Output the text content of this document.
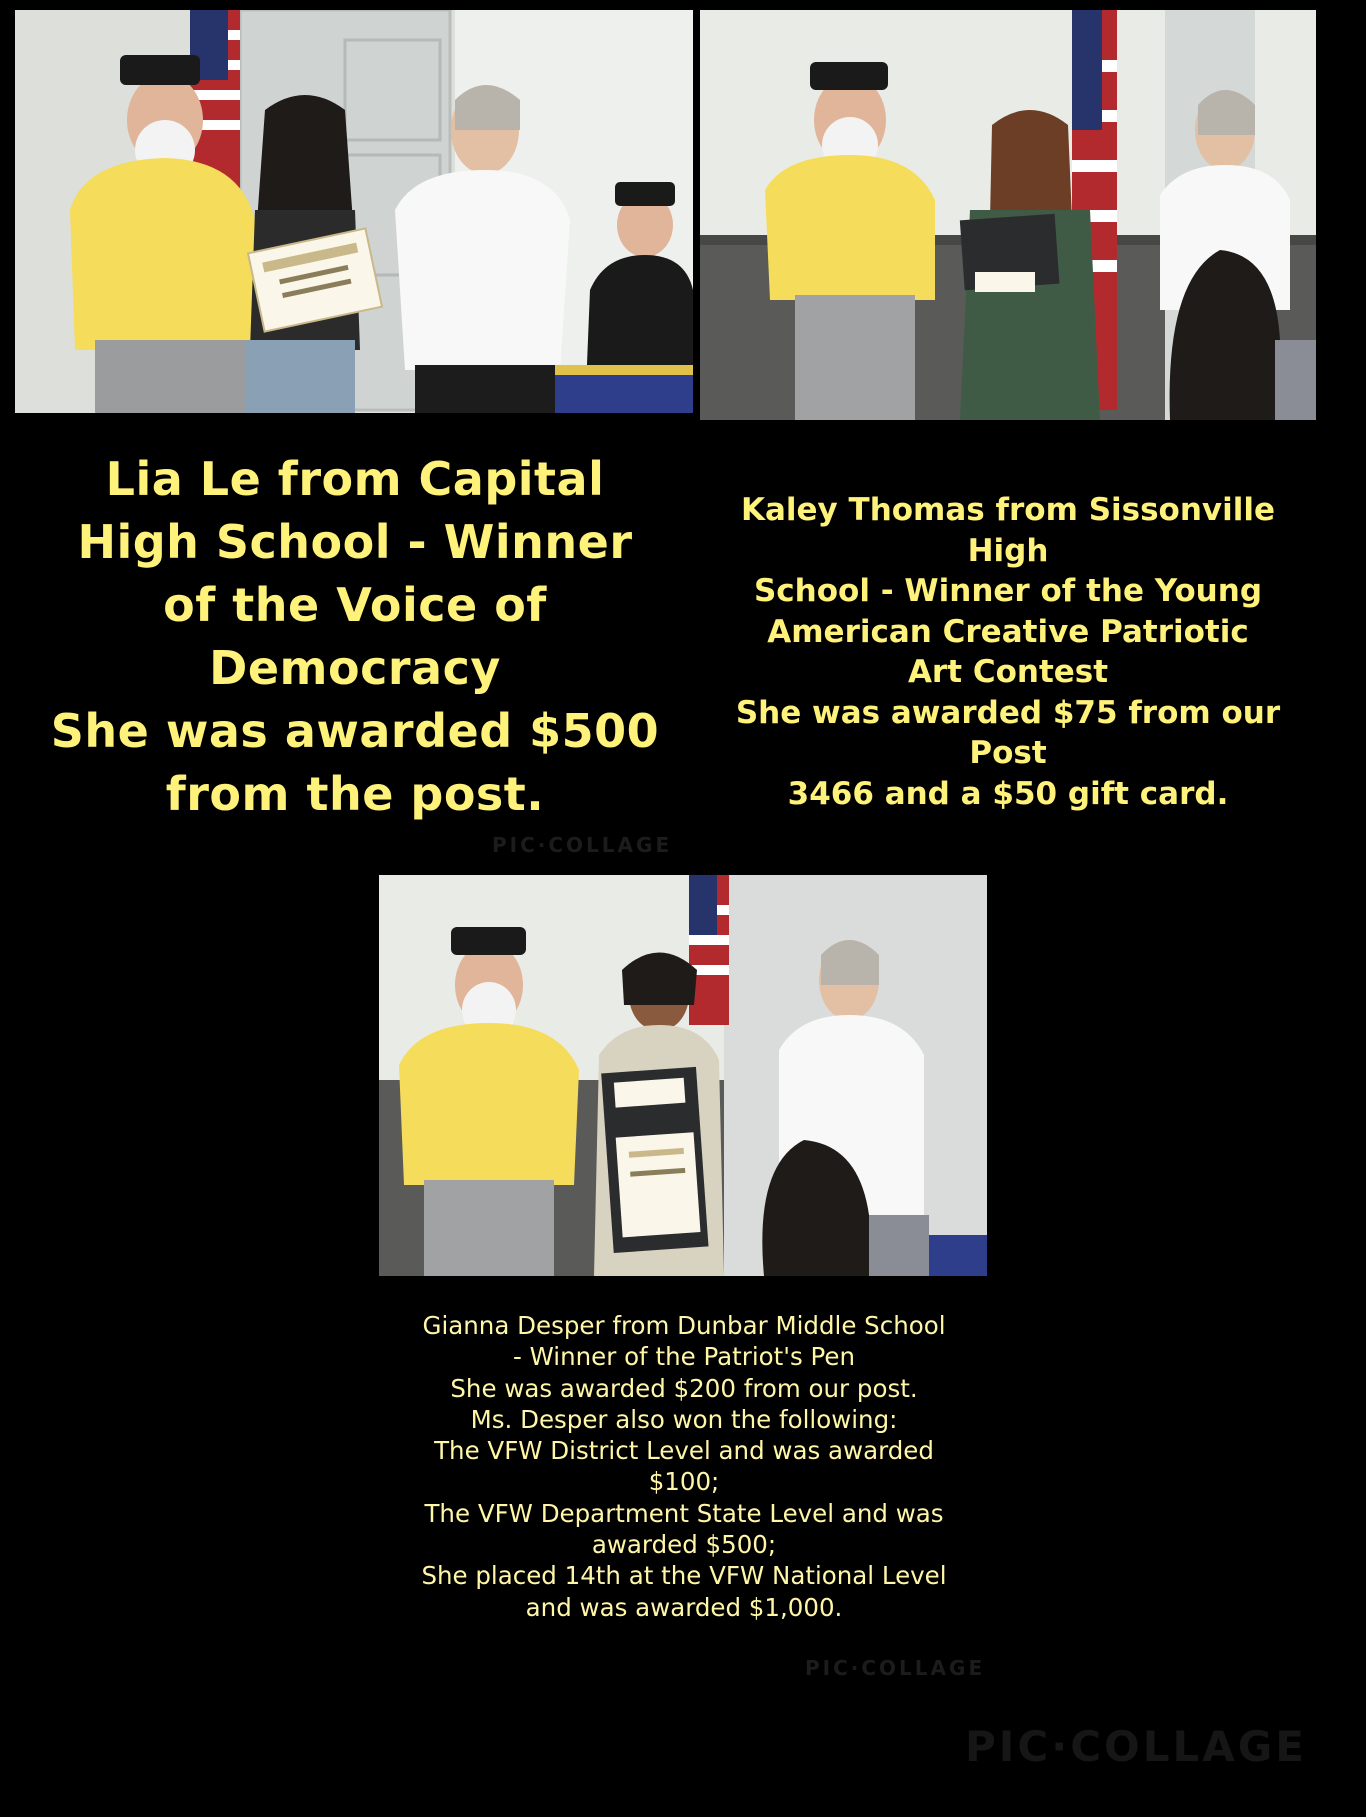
Lia Le from Capital
High School - Winner
of the Voice of
Democracy
She was awarded $500
from the post.
Kaley Thomas from Sissonville High
School - Winner of the Young
American Creative Patriotic
Art Contest
She was awarded $75 from our Post
3466 and a $50 gift card.
Gianna Desper from Dunbar Middle School
- Winner of the Patriot's Pen
She was awarded $200 from our post.
Ms. Desper also won the following:
The VFW District Level and was awarded
$100;
The VFW Department State Level and was
awarded $500;
She placed 14th at the VFW National Level
and was awarded $1,000.
PIC·COLLAGE
PIC·COLLAGE
PIC·COLLAGE
